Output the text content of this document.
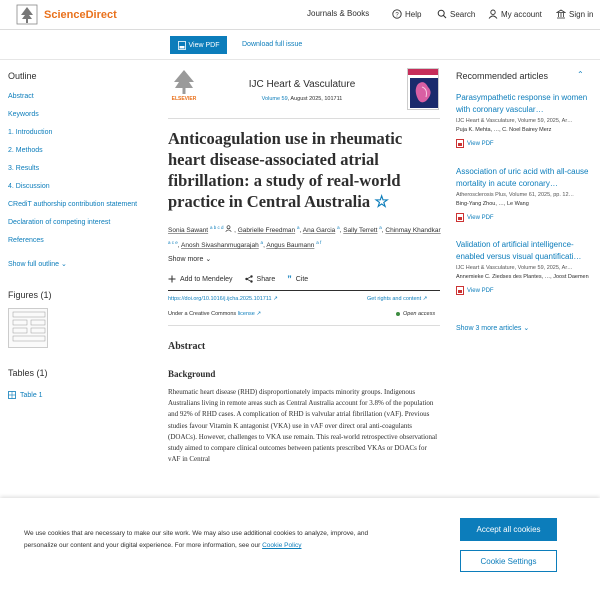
ScienceDirect	Journals & Books	? Help	Search	My account	Sign in
View PDF	Download full issue
Outline
Abstract
Keywords
1. Introduction
2. Methods
3. Results
4. Discussion
CRediT authorship contribution statement
Declaration of competing interest
References
Show full outline ⌄
Figures (1)
Tables (1)
Table 1
ELSEVIER
IJC Heart & Vasculature
Volume 59, August 2025, 101711
Anticoagulation use in rheumatic heart disease-associated atrial fibrillation: a study of real-world practice in Central Australia ☆
Sonia Sawant $^{a b c d}$ , Gabrielle Freedman $^a$, Ana Garcia $^a$, Sally Terrett $^a$, Chinmay Khandkar $^{a c e}$, Anosh Sivashanmugarajah $^a$, Angus Baumann $^{a f}$
Show more ⌄
Add to Mendeley	Share ” Cite
https://doi.org/10.1016/j.ijcha.2025.101711 ↗	Get rights and content ↗
Under a Creative Commons license ↗	Open access
Abstract
Background

Rheumatic heart disease (RHD) disproportionately impacts minority groups. Indigenous Australians living in remote areas such as Central Australia account for 3.8% of the population and 92% of RHD cases. A complication of RHD is valvular atrial fibrillation (vAF). Previous studies favour Vitamin K antagonist (VKA) use in vAF over direct oral anti-coagulants (DOACs). However, challenges to VKA use remain. This real-world retrospective observational study aimed to compare clinical outcomes between patients prescribed VKAs or DOACs for vAF in Central

Recommended articles	⌃
Parasympathetic response in women with coronary vascular…
IJC Heart & Vasculature, Volume 59, 2025, Ar…
Puja K. Mehta, …, C. Noel Bairey Merz
View PDF
Association of uric acid with all-cause mortality in acute coronary…
Atherosclerosis Plus, Volume 61, 2025, pp. 12…
Bing-Yang Zhou, …, Le Wang
View PDF
Validation of artificial intelligence-enabled versus visual quantificati…
IJC Heart & Vasculature, Volume 59, 2025, Ar…
Annemieke C. Ziedses des Plantes, …, Joost Daemen
View PDF
Show 3 more articles ⌄

We use cookies that are necessary to make our site work. We may also use additional cookies to analyze, improve, and personalize our content and your digital experience. For more information, see our Cookie Policy

Accept all cookies
Cookie Settings
